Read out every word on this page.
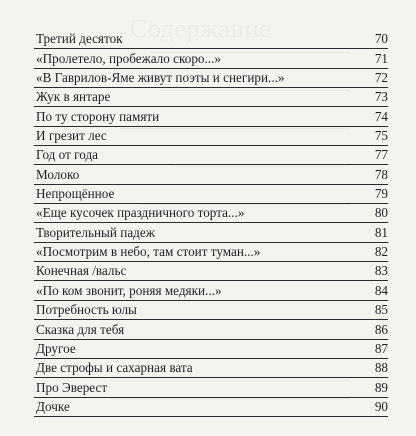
Содержание
Третий десяток	70
«Пролетело, пробежало скоро...»	71
«В Гаврилов-Яме живут поэты и снегири...»	72
Жук в янтаре	73
По ту сторону памяти	74
И грезит лес	75
Год от года	77
Молоко	78
Непрощённое	79
«Еще кусочек праздничного торта...»	80
Творительный падеж	81
«Посмотрим в небо, там стоит туман...»	82
Конечная /вальс	83
«По ком звонит, роняя медяки...»	84
Потребность юлы	85
Сказка для тебя	86
Другое	87
Две строфы и сахарная вата	88
Про Эверест	89
Дочке	90
